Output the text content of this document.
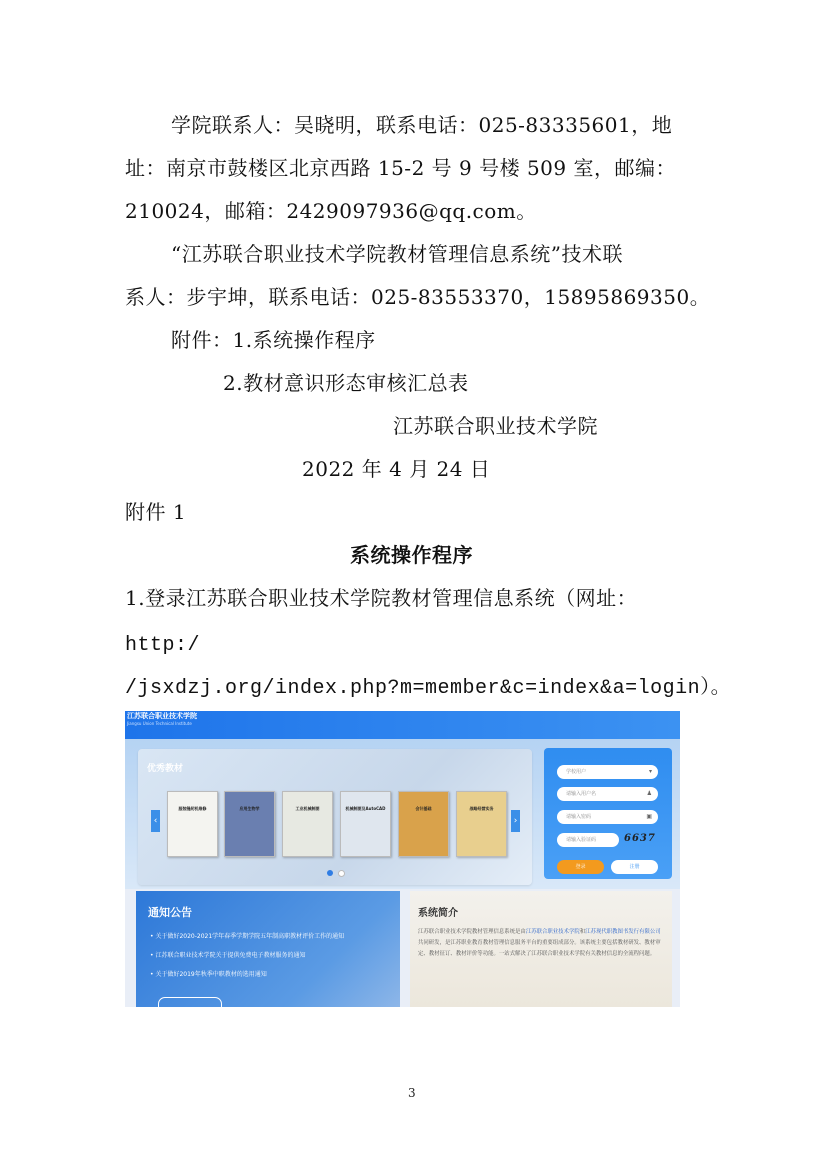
学院联系人：吴晓明，联系电话：025-83335601，地
址：南京市鼓楼区北京西路 15-2 号 9 号楼 509 室，邮编：
210024，邮箱：2429097936@qq.com。
“江苏联合职业技术学院教材管理信息系统”技术联
系人：步宇坤，联系电话：025-83553370，15895869350。
附件：1.系统操作程序
2.教材意识形态审核汇总表
江苏联合职业技术学院
2022 年 4 月 24 日
附件 1
系统操作程序
1.登录江苏联合职业技术学院教材管理信息系统（网址：
http:/
/jsxdzj.org/index.php?m=member&c=index&a=login）。
江苏联合职业技术学院
Jiangsu Union Technical Institute
优秀教材
‹	›
服装缝纫机维修	应用生物学	工业机械制图	机械制图及AutoCAD	会计基础	战略经营实务
学校用户	▾
请输入用户名	♟
请输入密码	▣
请输入验证码	6637
登录	注册
通知公告
• 关于做好2020-2021学年春季学期学院五年制高职教材评价工作的通知
• 江苏联合职业技术学院关于提供免费电子教材服务的通知
• 关于做好2019年秋季中职教材的选用通知
系统简介
江苏联合职业技术学院教材管理信息系统是由江苏联合职业技术学院和江苏现代职教图书发行有限公司共同研发，是江苏职业教育教材管理信息服务平台的重要组成部分。该系统主要包括教材研发、教材审定、教材征订、教材评价等功能。一站式解决了江苏联合职业技术学院有关教材信息的全流程问题。
3
